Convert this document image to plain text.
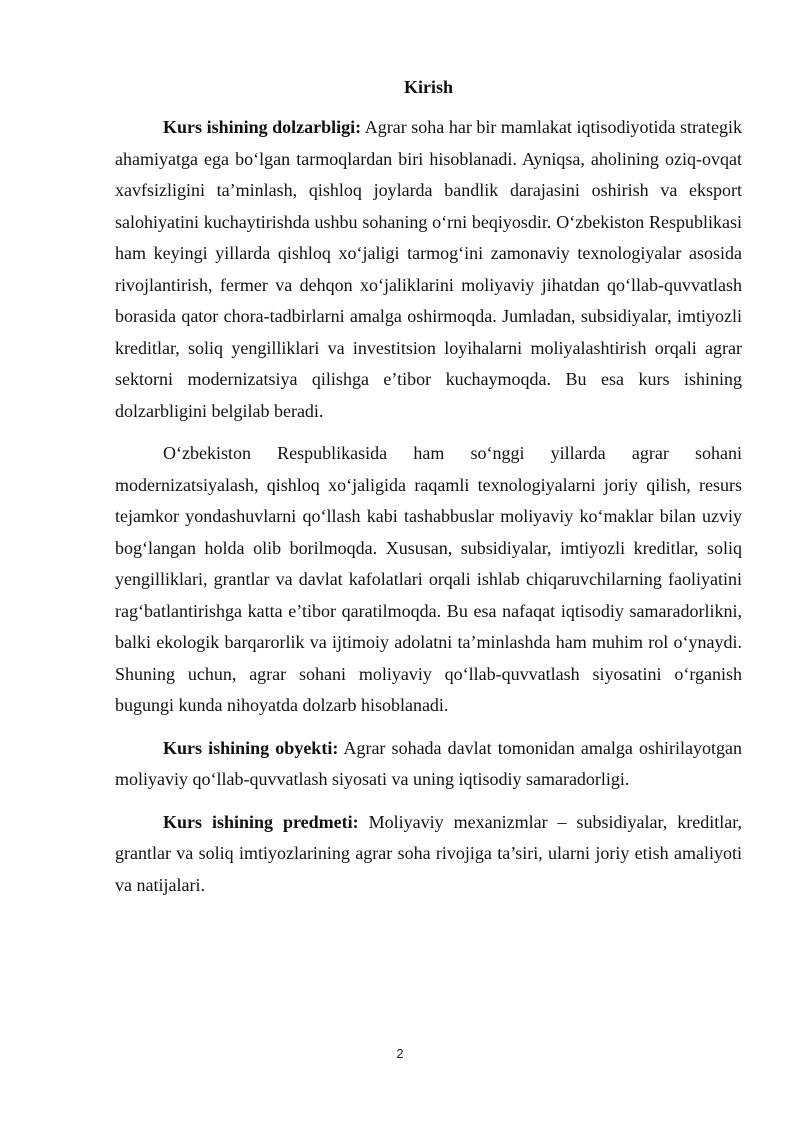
Kirish

Kurs ishining dolzarbligi: Agrar soha har bir mamlakat iqtisodiyotida strategik ahamiyatga ega bo‘lgan tarmoqlardan biri hisoblanadi. Ayniqsa, aholining oziq-ovqat xavfsizligini ta’minlash, qishloq joylarda bandlik darajasini oshirish va eksport salohiyatini kuchaytirishda ushbu sohaning o‘rni beqiyosdir. O‘zbekiston Respublikasi ham keyingi yillarda qishloq xo‘jaligi tarmog‘ini zamonaviy texnologiyalar asosida rivojlantirish, fermer va dehqon xo‘jaliklarini moliyaviy jihatdan qo‘llab-quvvatlash borasida qator chora-tadbirlarni amalga oshirmoqda. Jumladan, subsidiyalar, imtiyozli kreditlar, soliq yengilliklari va investitsion loyihalarni moliyalashtirish orqali agrar sektorni modernizatsiya qilishga e’tibor kuchaymoqda. Bu esa kurs ishining dolzarbligini belgilab beradi.

O‘zbekiston Respublikasida ham so‘nggi yillarda agrar sohani modernizatsiyalash, qishloq xo‘jaligida raqamli texnologiyalarni joriy qilish, resurs tejamkor yondashuvlarni qo‘llash kabi tashabbuslar moliyaviy ko‘maklar bilan uzviy bog‘langan holda olib borilmoqda. Xususan, subsidiyalar, imtiyozli kreditlar, soliq yengilliklari, grantlar va davlat kafolatlari orqali ishlab chiqaruvchilarning faoliyatini rag‘batlantirishga katta e’tibor qaratilmoqda. Bu esa nafaqat iqtisodiy samaradorlikni, balki ekologik barqarorlik va ijtimoiy adolatni ta’minlashda ham muhim rol o‘ynaydi. Shuning uchun, agrar sohani moliyaviy qo‘llab-quvvatlash siyosatini o‘rganish bugungi kunda nihoyatda dolzarb hisoblanadi.

Kurs ishining obyekti: Agrar sohada davlat tomonidan amalga oshirilayotgan moliyaviy qo‘llab-quvvatlash siyosati va uning iqtisodiy samaradorligi.

Kurs ishining predmeti: Moliyaviy mexanizmlar – subsidiyalar, kreditlar, grantlar va soliq imtiyozlarining agrar soha rivojiga ta’siri, ularni joriy etish amaliyoti va natijalari.

2
